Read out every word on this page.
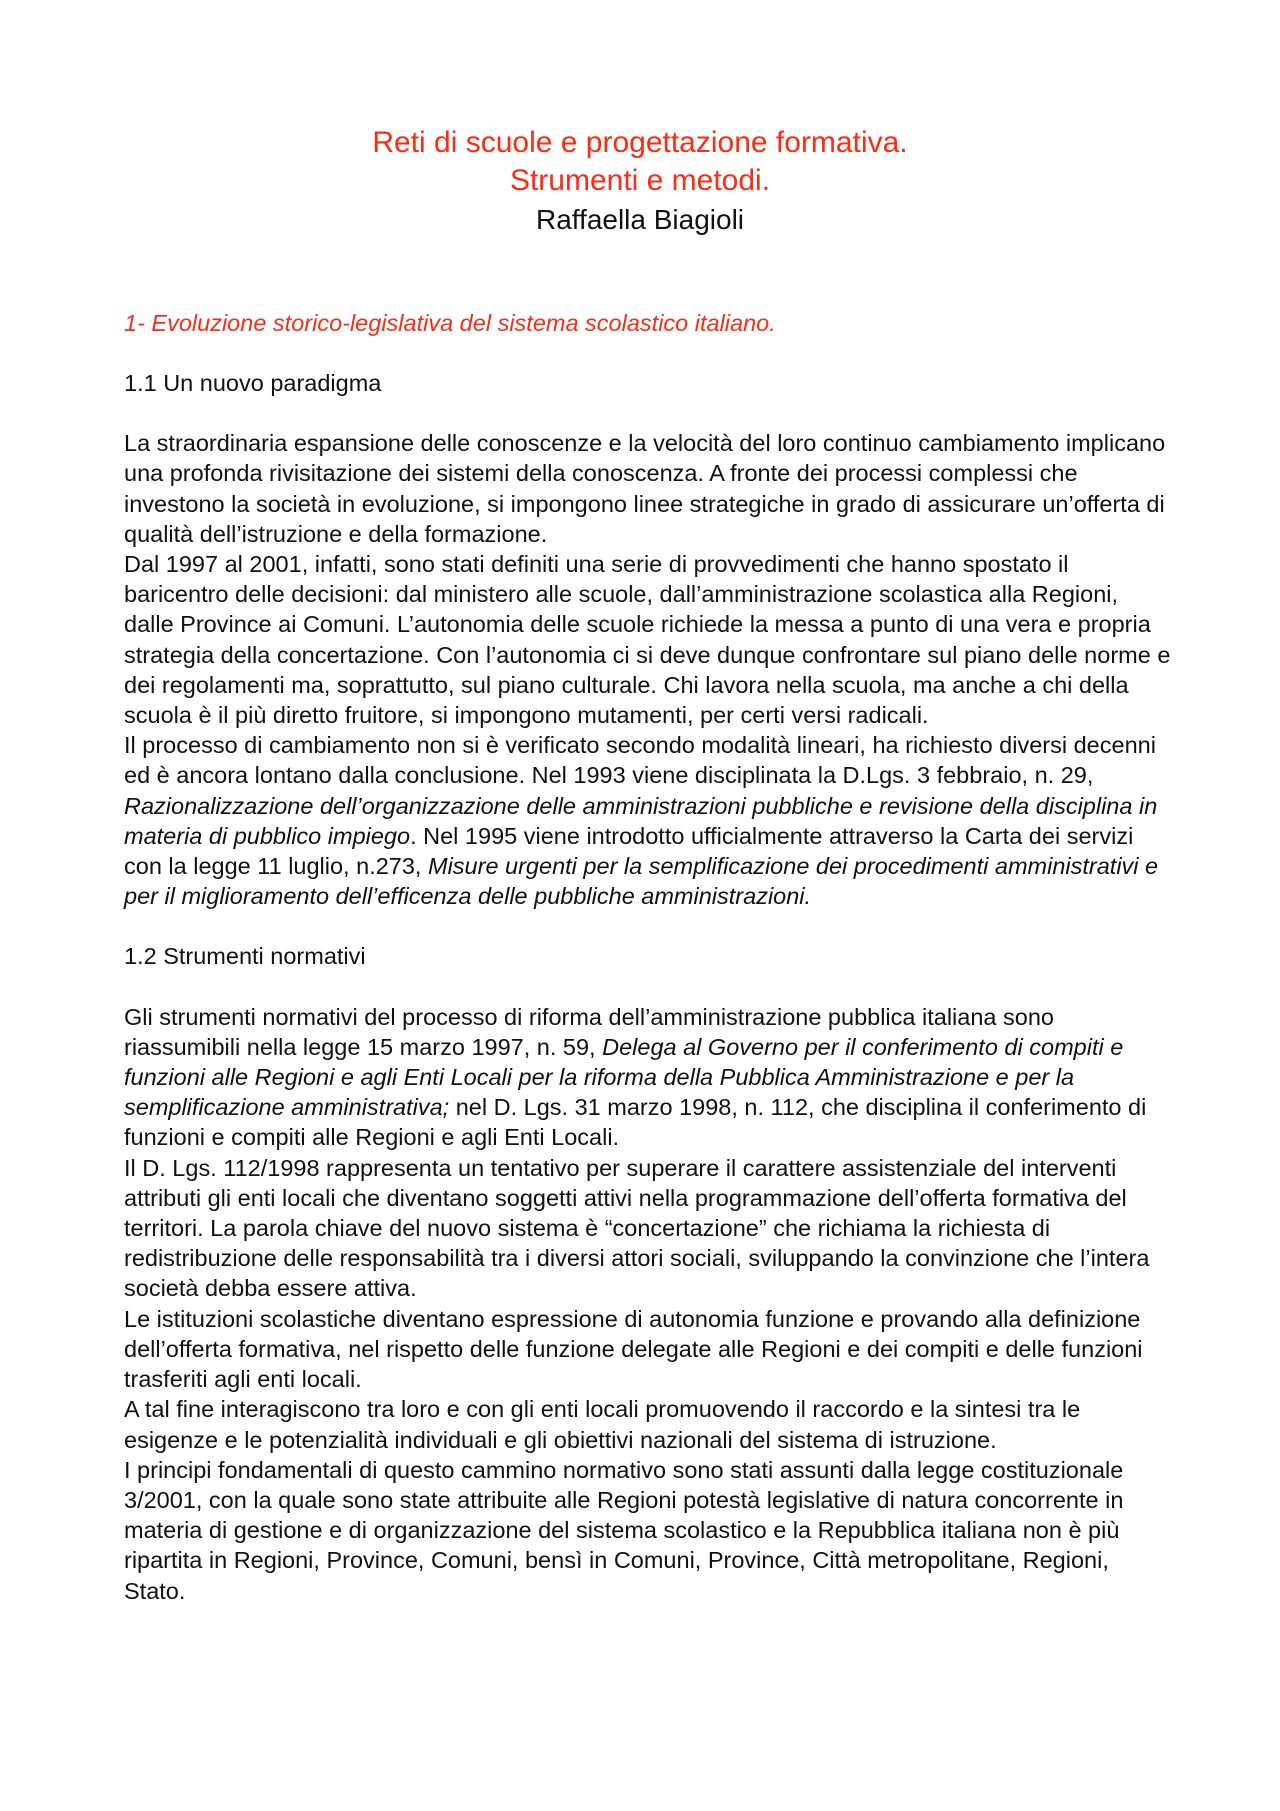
Reti di scuole e progettazione formativa.
Strumenti e metodi.
Raffaella Biagioli

1- Evoluzione storico-legislativa del sistema scolastico italiano.

1.1 Un nuovo paradigma

La straordinaria espansione delle conoscenze e la velocità del loro continuo cambiamento implicano una profonda rivisitazione dei sistemi della conoscenza. A fronte dei processi complessi che investono la società in evoluzione, si impongono linee strategiche in grado di assicurare un’offerta di qualità dell’istruzione e della formazione.

Dal 1997 al 2001, infatti, sono stati definiti una serie di provvedimenti che hanno spostato il baricentro delle decisioni: dal ministero alle scuole, dall’amministrazione scolastica alla Regioni, dalle Province ai Comuni. L’autonomia delle scuole richiede la messa a punto di una vera e propria strategia della concertazione. Con l’autonomia ci si deve dunque confrontare sul piano delle norme e dei regolamenti ma, soprattutto, sul piano culturale. Chi lavora nella scuola, ma anche a chi della scuola è il più diretto fruitore, si impongono mutamenti, per certi versi radicali.

Il processo di cambiamento non si è verificato secondo modalità lineari, ha richiesto diversi decenni ed è ancora lontano dalla conclusione. Nel 1993 viene disciplinata la D.Lgs. 3 febbraio, n. 29, Razionalizzazione dell’organizzazione delle amministrazioni pubbliche e revisione della disciplina in materia di pubblico impiego. Nel 1995 viene introdotto ufficialmente attraverso la Carta dei servizi con la legge 11 luglio, n.273, Misure urgenti per la semplificazione dei procedimenti amministrativi e per il miglioramento dell’efficenza delle pubbliche amministrazioni.

1.2 Strumenti normativi

Gli strumenti normativi del processo di riforma dell’amministrazione pubblica italiana sono riassumibili nella legge 15 marzo 1997, n. 59, Delega al Governo per il conferimento di compiti e funzioni alle Regioni e agli Enti Locali per la riforma della Pubblica Amministrazione e per la semplificazione amministrativa; nel D. Lgs. 31 marzo 1998, n. 112, che disciplina il conferimento di funzioni e compiti alle Regioni e agli Enti Locali.

Il D. Lgs. 112/1998 rappresenta un tentativo per superare il carattere assistenziale del interventi attributi gli enti locali che diventano soggetti attivi nella programmazione dell’offerta formativa del territori. La parola chiave del nuovo sistema è “concertazione” che richiama la richiesta di redistribuzione delle responsabilità tra i diversi attori sociali, sviluppando la convinzione che l’intera società debba essere attiva.

Le istituzioni scolastiche diventano espressione di autonomia funzione e provando alla definizione dell’offerta formativa, nel rispetto delle funzione delegate alle Regioni e dei compiti e delle funzioni trasferiti agli enti locali.

A tal fine interagiscono tra loro e con gli enti locali promuovendo il raccordo e la sintesi tra le esigenze e le potenzialità individuali e gli obiettivi nazionali del sistema di istruzione.

I principi fondamentali di questo cammino normativo sono stati assunti dalla legge costituzionale 3/2001, con la quale sono state attribuite alle Regioni potestà legislative di natura concorrente in materia di gestione e di organizzazione del sistema scolastico e la Repubblica italiana non è più ripartita in Regioni, Province, Comuni, bensì in Comuni, Province, Città metropolitane, Regioni, Stato.
